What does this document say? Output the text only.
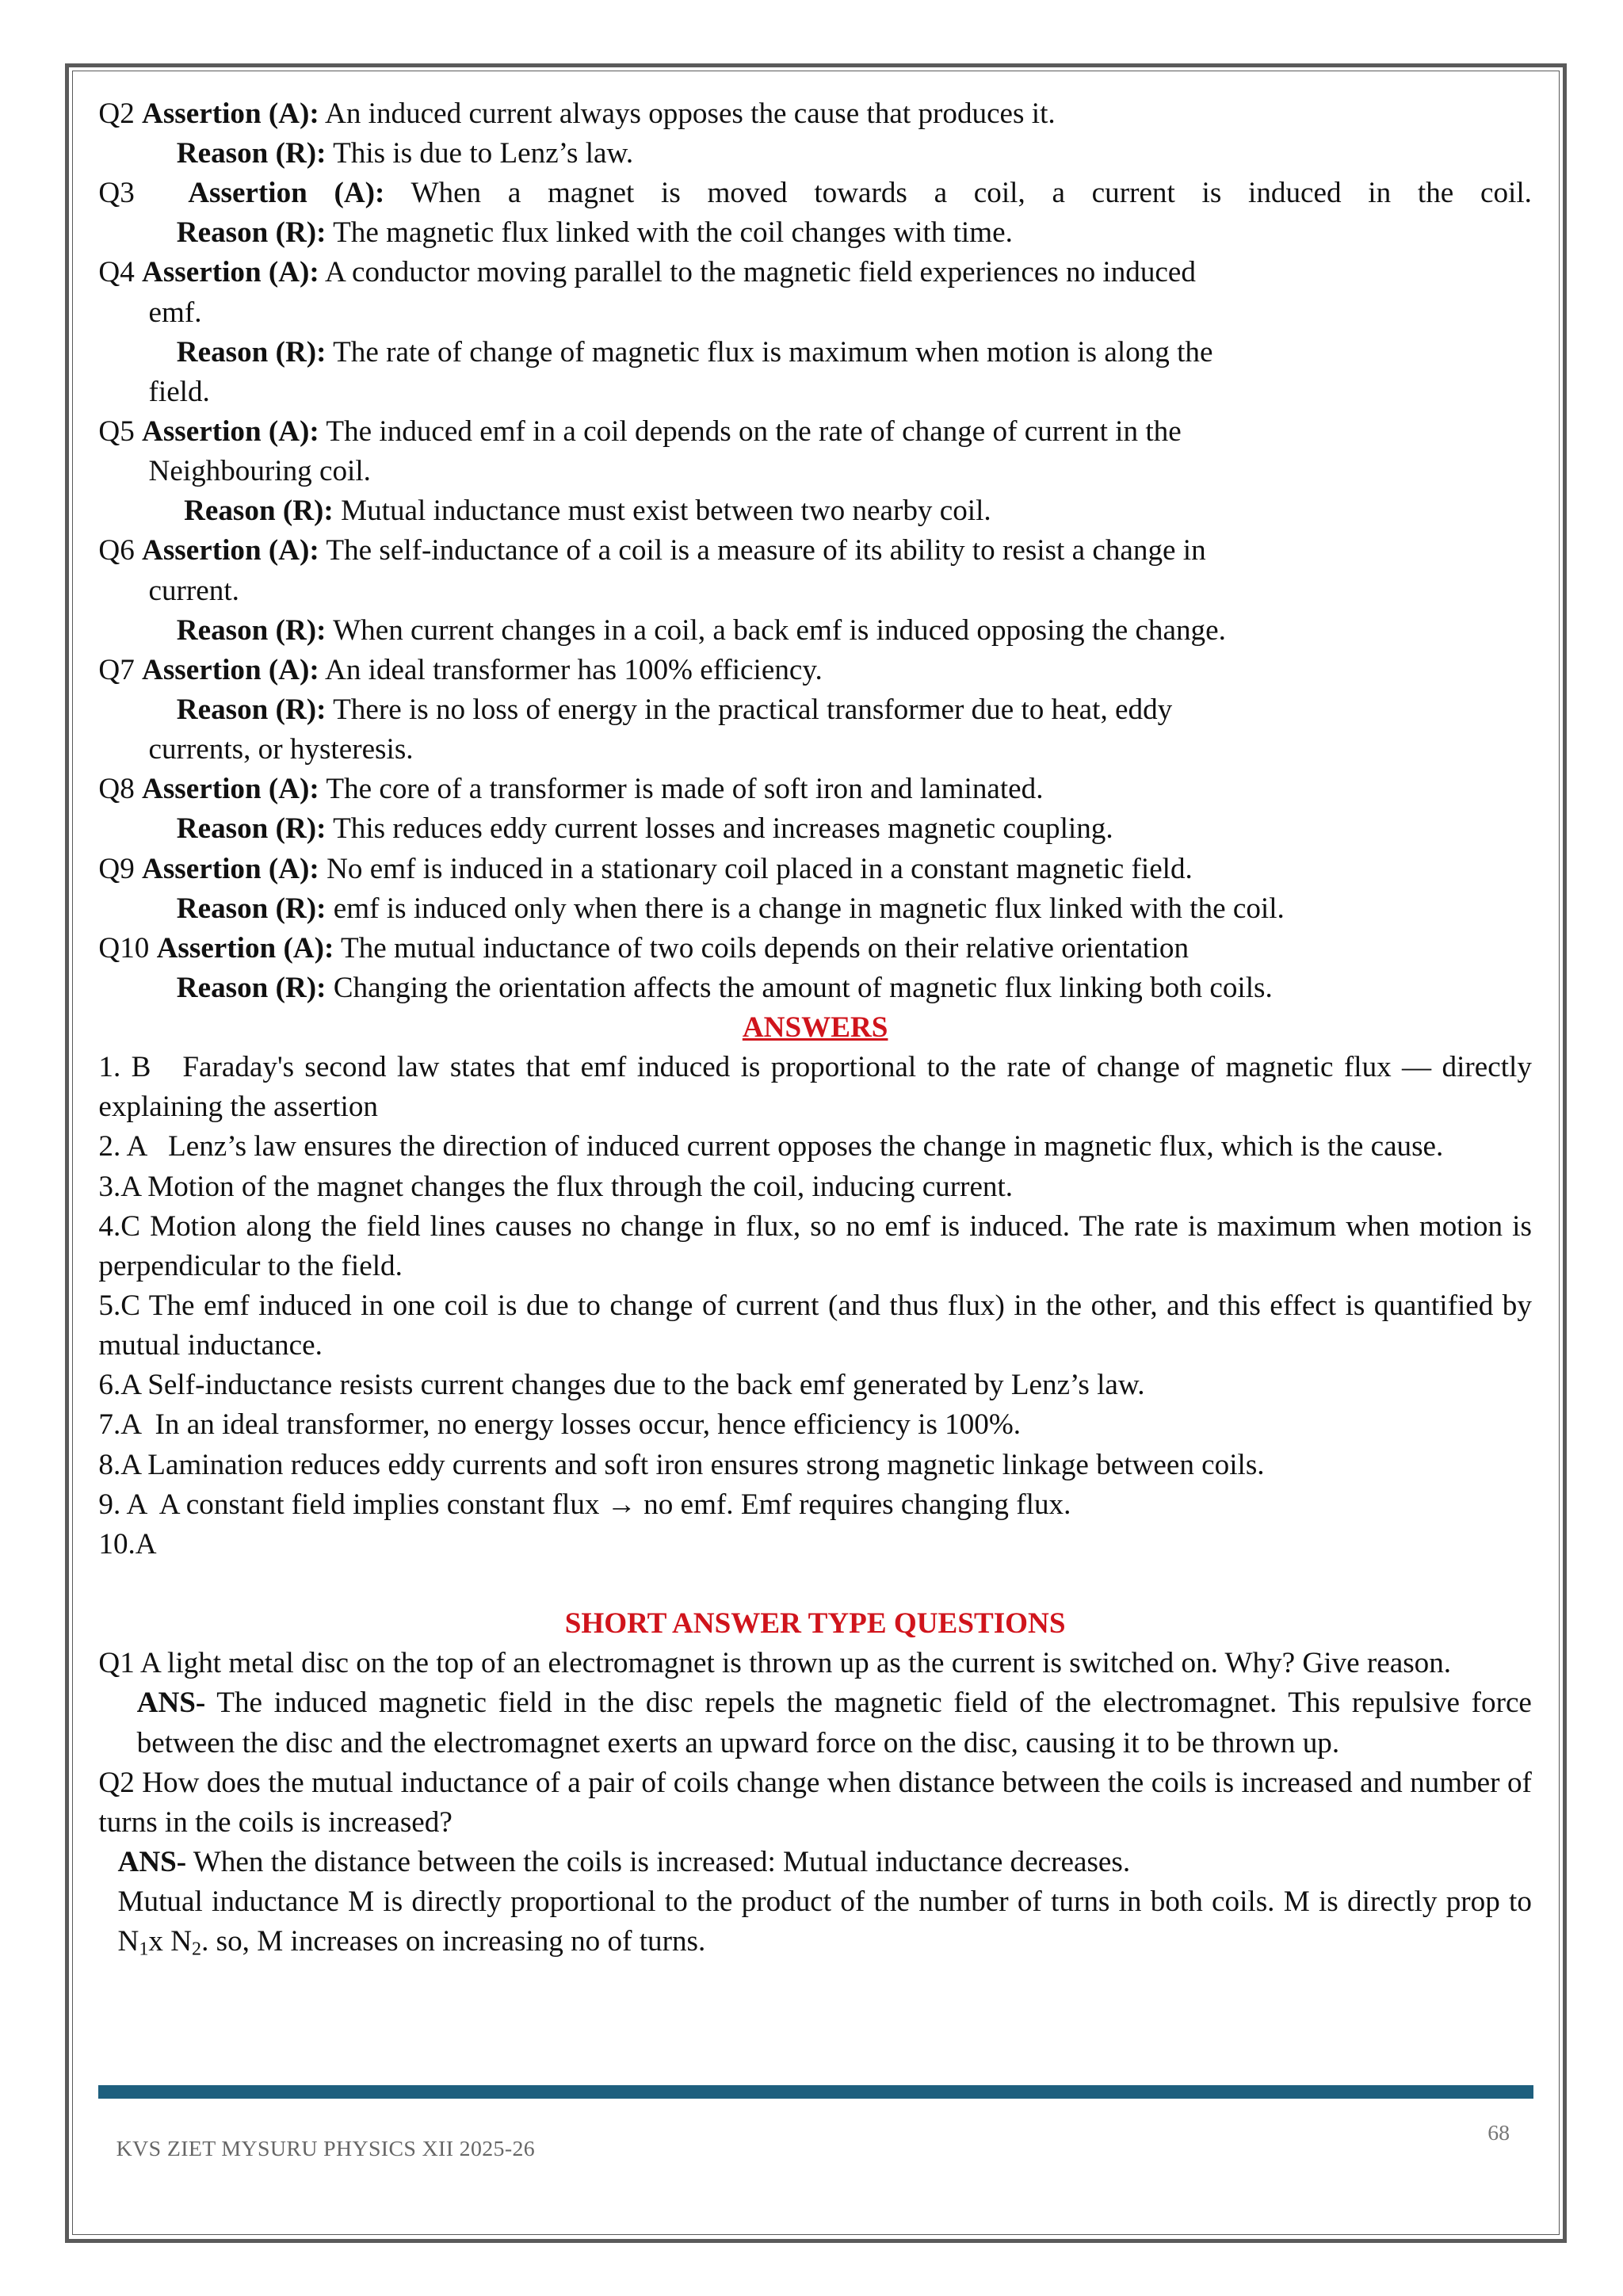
Q2 Assertion (A): An induced current always opposes the cause that produces it.

Reason (R): This is due to Lenz’s law.

Q3	Assertion (A): When a magnet is moved towards a coil, a current is induced in the coil.

Reason (R): The magnetic flux linked with the coil changes with time.

Q4 Assertion (A): A conductor moving parallel to the magnetic field experiences no induced

emf.

Reason (R): The rate of change of magnetic flux is maximum when motion is along the

field.

Q5 Assertion (A): The induced emf in a coil depends on the rate of change of current in the

Neighbouring coil.

Reason (R): Mutual inductance must exist between two nearby coil.

Q6 Assertion (A): The self-inductance of a coil is a measure of its ability to resist a change in

current.

Reason (R): When current changes in a coil, a back emf is induced opposing the change.

Q7 Assertion (A): An ideal transformer has 100% efficiency.

Reason (R): There is no loss of energy in the practical transformer due to heat, eddy

currents, or hysteresis.

Q8 Assertion (A): The core of a transformer is made of soft iron and laminated.

Reason (R): This reduces eddy current losses and increases magnetic coupling.

Q9 Assertion (A): No emf is induced in a stationary coil placed in a constant magnetic field.

Reason (R): emf is induced only when there is a change in magnetic flux linked with the coil.

Q10 Assertion (A): The mutual inductance of two coils depends on their relative orientation

Reason (R): Changing the orientation affects the amount of magnetic flux linking both coils.

ANSWERS

1. B   Faraday's second law states that emf induced is proportional to the rate of change of magnetic flux — directly explaining the assertion

2. A   Lenz’s law ensures the direction of induced current opposes the change in magnetic flux, which is the cause.

3.A Motion of the magnet changes the flux through the coil, inducing current.

4.C Motion along the field lines causes no change in flux, so no emf is induced. The rate is maximum when motion is perpendicular to the field.

5.C The emf induced in one coil is due to change of current (and thus flux) in the other, and this effect is quantified by mutual inductance.

6.A Self-inductance resists current changes due to the back emf generated by Lenz’s law.

7.A  In an ideal transformer, no energy losses occur, hence efficiency is 100%.

8.A Lamination reduces eddy currents and soft iron ensures strong magnetic linkage between coils.

9. A  A constant field implies constant flux → no emf. Emf requires changing flux.

10.A

SHORT ANSWER TYPE QUESTIONS

Q1 A light metal disc on the top of an electromagnet is thrown up as the current is switched on. Why? Give reason.

ANS- The induced magnetic field in the disc repels the magnetic field of the electromagnet. This repulsive force between the disc and the electromagnet exerts an upward force on the disc, causing it to be thrown up.

Q2 How does the mutual inductance of a pair of coils change when distance between the coils is increased and number of turns in the coils is increased?

ANS- When the distance between the coils is increased: Mutual inductance decreases.

Mutual inductance M is directly proportional to the product of the number of turns in both coils. M is directly prop to $N_1x$ $N_2$. so, M increases on increasing no of turns.

KVS ZIET MYSURU PHYSICS XII 2025-26
68
